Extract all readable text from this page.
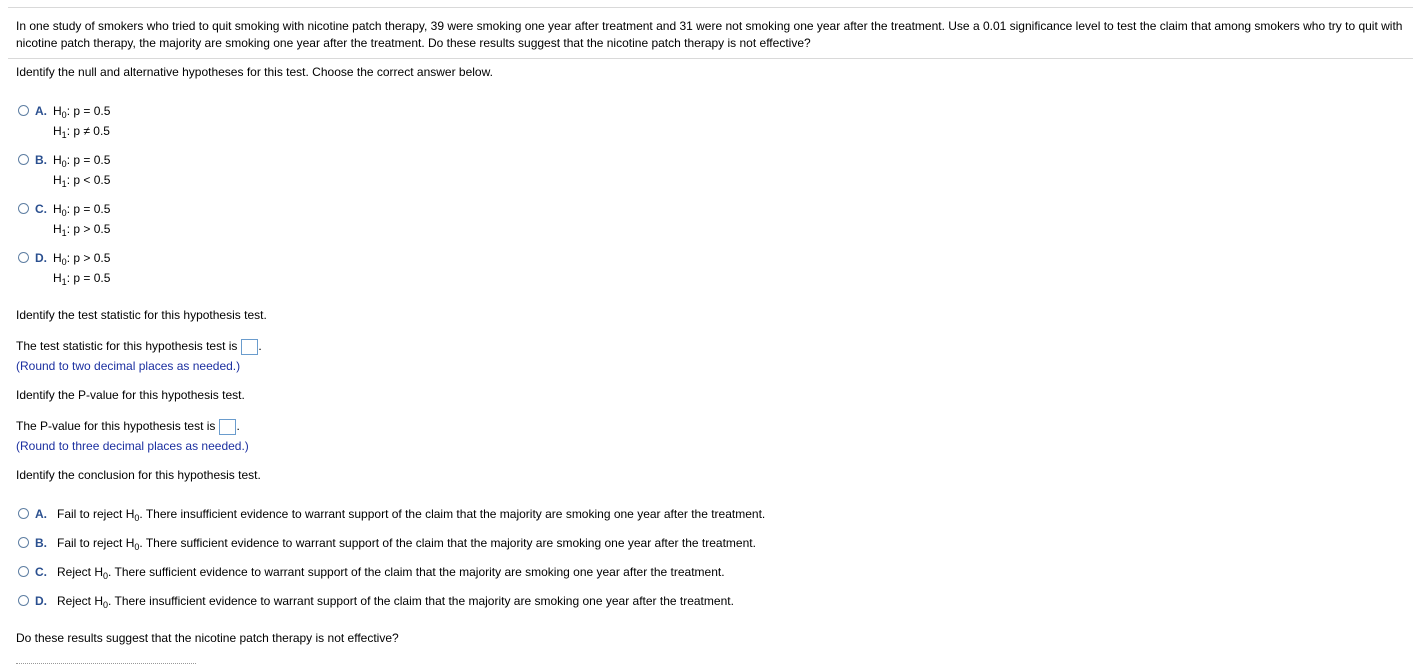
In one study of smokers who tried to quit smoking with nicotine patch therapy, 39 were smoking one year after treatment and 31 were not smoking one year after the treatment. Use a 0.01 significance level to test the claim that among smokers who try to quit with nicotine patch therapy, the majority are smoking one year after the treatment. Do these results suggest that the nicotine patch therapy is not effective?
Identify the null and alternative hypotheses for this test. Choose the correct answer below.
A. $H_0$: p = 0.5
$H_1$: p ≠ 0.5
B. $H_0$: p = 0.5
$H_1$: p < 0.5
C. $H_0$: p = 0.5
$H_1$: p > 0.5
D. $H_0$: p > 0.5
$H_1$: p = 0.5
Identify the test statistic for this hypothesis test.
The test statistic for this hypothesis test is .
(Round to two decimal places as needed.)
Identify the P-value for this hypothesis test.
The P-value for this hypothesis test is .
(Round to three decimal places as needed.)
Identify the conclusion for this hypothesis test.
A. Fail to reject $H_0$. There insufficient evidence to warrant support of the claim that the majority are smoking one year after the treatment.
B. Fail to reject $H_0$. There sufficient evidence to warrant support of the claim that the majority are smoking one year after the treatment.
C. Reject $H_0$. There sufficient evidence to warrant support of the claim that the majority are smoking one year after the treatment.
D. Reject $H_0$. There insufficient evidence to warrant support of the claim that the majority are smoking one year after the treatment.
Do these results suggest that the nicotine patch therapy is not effective?
